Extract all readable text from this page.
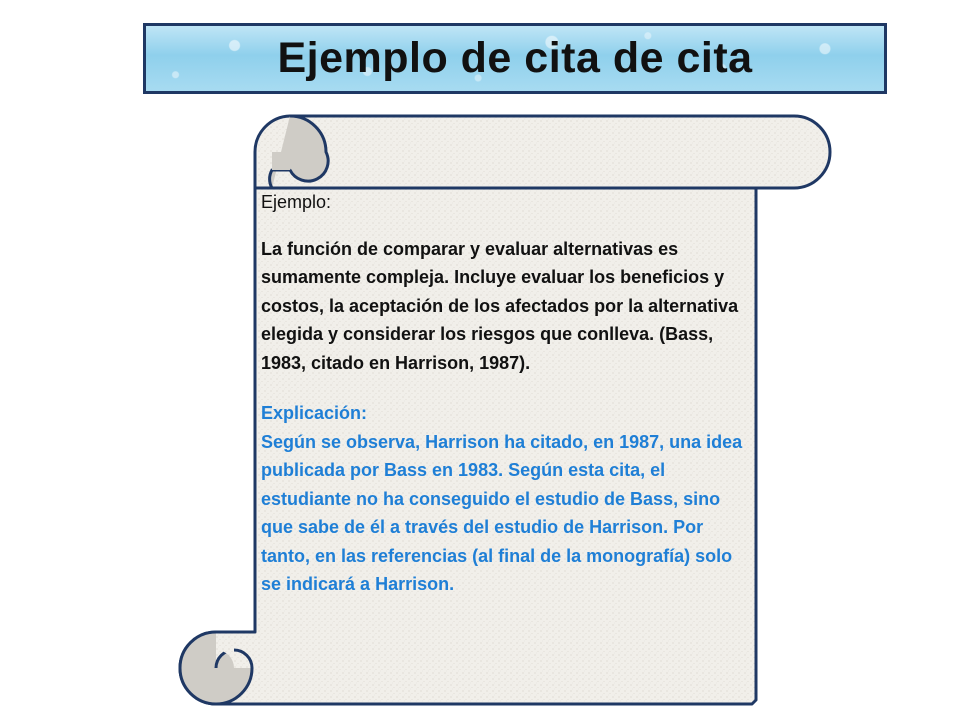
Ejemplo de cita de cita

Ejemplo:

La función de comparar y evaluar alternativas es sumamente compleja. Incluye evaluar los beneficios y costos, la aceptación de los afectados por la alternativa elegida y considerar los riesgos que conlleva. (Bass, 1983, citado en Harrison, 1987).

Explicación:

Según se observa, Harrison ha citado, en 1987, una idea publicada por Bass en 1983. Según esta cita, el estudiante no ha conseguido el estudio de Bass, sino que sabe de él a través del estudio de Harrison. Por tanto, en las referencias (al final de la monografía) solo se indicará a Harrison.
